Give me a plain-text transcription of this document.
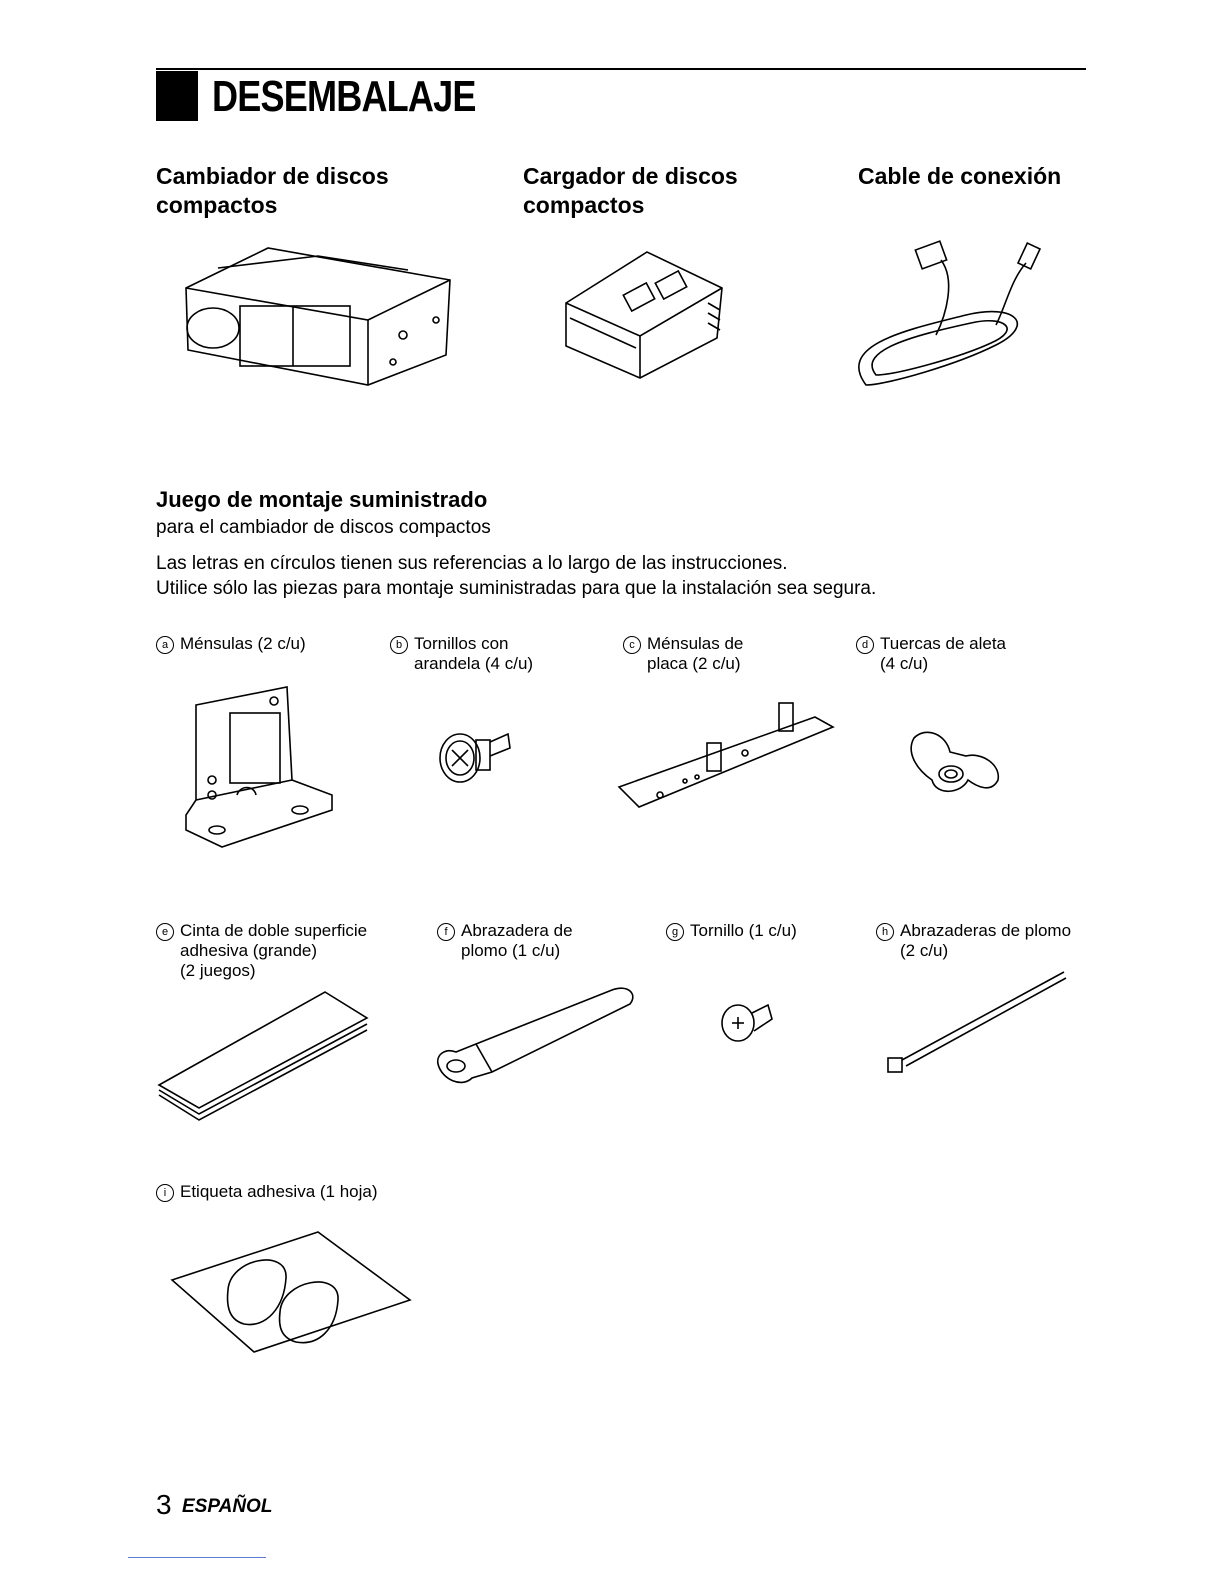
DESEMBALAJE
Cambiador de discos
compactos
Cargador de discos
compactos
Cable de conexión
Juego de montaje suministrado
para el cambiador de discos compactos
Las letras en círculos tienen sus referencias a lo largo de las instrucciones.
Utilice sólo las piezas para montaje suministradas para que la instalación sea segura.
a Ménsulas (2 c/u)	b Tornillos con
arandela (4 c/u)
c Ménsulas de
placa (2 c/u)
d Tuercas de aleta
(4 c/u)
e Cinta de doble superficie
adhesiva (grande)
(2 juegos)
f Abrazadera de
plomo (1 c/u)
g Tornillo (1 c/u)	h Abrazaderas de plomo
(2 c/u)
i Etiqueta adhesiva (1 hoja)
3 ESPAÑOL
